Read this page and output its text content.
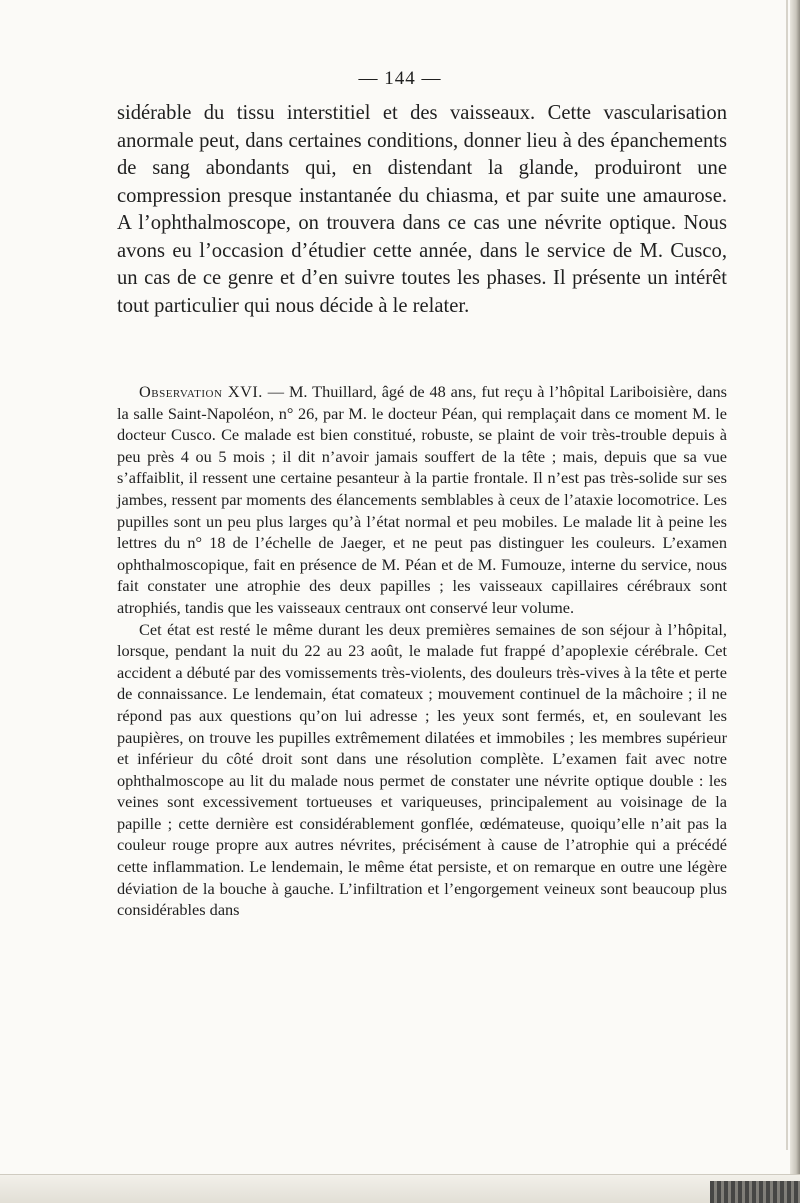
— 144 —

sidérable du tissu interstitiel et des vaisseaux. Cette vascularisation anormale peut, dans certaines conditions, donner lieu à des épanchements de sang abondants qui, en distendant la glande, produiront une compression presque instantanée du chiasma, et par suite une amaurose. A l’ophthalmoscope, on trouvera dans ce cas une névrite optique. Nous avons eu l’occasion d’étudier cette année, dans le service de M. Cusco, un cas de ce genre et d’en suivre toutes les phases. Il présente un intérêt tout particulier qui nous décide à le relater.

Observation XVI. — M. Thuillard, âgé de 48 ans, fut reçu à l’hôpital Lariboisière, dans la salle Saint-Napoléon, n° 26, par M. le docteur Péan, qui remplaçait dans ce moment M. le docteur Cusco. Ce malade est bien constitué, robuste, se plaint de voir très-trouble depuis à peu près 4 ou 5 mois ; il dit n’avoir jamais souffert de la tête ; mais, depuis que sa vue s’affaiblit, il ressent une certaine pesanteur à la partie frontale. Il n’est pas très-solide sur ses jambes, ressent par moments des élancements semblables à ceux de l’ataxie locomotrice. Les pupilles sont un peu plus larges qu’à l’état normal et peu mobiles. Le malade lit à peine les lettres du n° 18 de l’échelle de Jaeger, et ne peut pas distinguer les couleurs. L’examen ophthalmoscopique, fait en présence de M. Péan et de M. Fumouze, interne du service, nous fait constater une atrophie des deux papilles ; les vaisseaux capillaires cérébraux sont atrophiés, tandis que les vaisseaux centraux ont conservé leur volume.

Cet état est resté le même durant les deux premières semaines de son séjour à l’hôpital, lorsque, pendant la nuit du 22 au 23 août, le malade fut frappé d’apoplexie cérébrale. Cet accident a débuté par des vomissements très-violents, des douleurs très-vives à la tête et perte de connaissance. Le lendemain, état comateux ; mouvement continuel de la mâchoire ; il ne répond pas aux questions qu’on lui adresse ; les yeux sont fermés, et, en soulevant les paupières, on trouve les pupilles extrêmement dilatées et immobiles ; les membres supérieur et inférieur du côté droit sont dans une résolution complète. L’examen fait avec notre ophthalmoscope au lit du malade nous permet de constater une névrite optique double : les veines sont excessivement tortueuses et variqueuses, principalement au voisinage de la papille ; cette dernière est considérablement gonflée, œdémateuse, quoiqu’elle n’ait pas la couleur rouge propre aux autres névrites, précisément à cause de l’atrophie qui a précédé cette inflammation. Le lendemain, le même état persiste, et on remarque en outre une légère déviation de la bouche à gauche. L’infiltration et l’engorgement veineux sont beaucoup plus considérables dans
